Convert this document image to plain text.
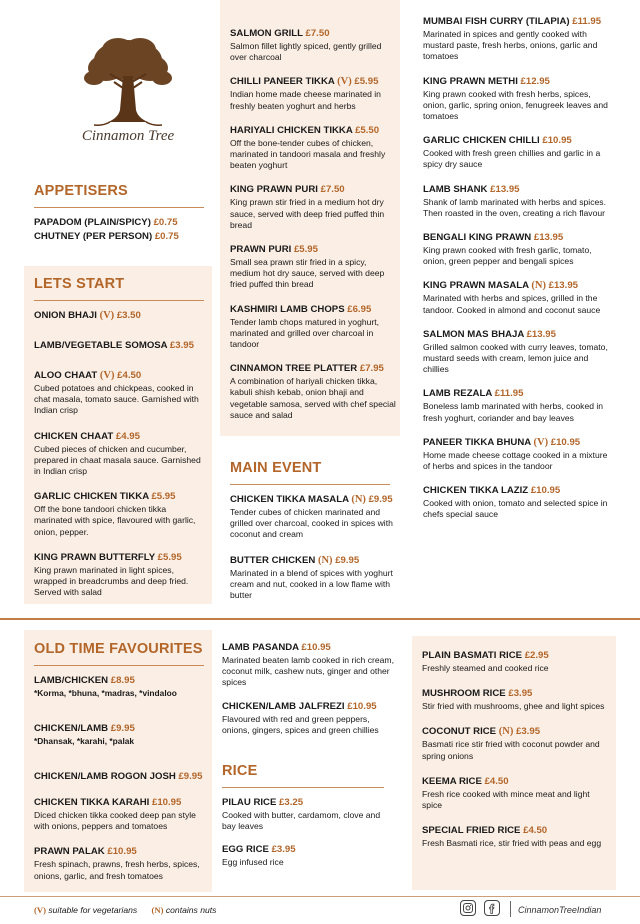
Cinnamon Tree
APPETISERS
PAPADOM (PLAIN/SPICY) £0.75
CHUTNEY (PER PERSON) £0.75
LETS START
ONION BHAJI (V) £3.50
LAMB/VEGETABLE SOMOSA £3.95
ALOO CHAAT (V) £4.50
Cubed potatoes and chickpeas, cooked in chat masala, tomato sauce. Garnished with Indian crisp
CHICKEN CHAAT £4.95
Cubed pieces of chicken and cucumber, prepared in chaat masala sauce. Garnished in Indian crisp
GARLIC CHICKEN TIKKA £5.95
Off the bone tandoori chicken tikka marinated with spice, flavoured with garlic, onion, pepper.
KING PRAWN BUTTERFLY £5.95
King prawn marinated in light spices, wrapped in breadcrumbs and deep fried. Served with salad
SALMON GRILL £7.50
Salmon fillet lightly spiced, gently grilled over charcoal
CHILLI PANEER TIKKA (V) £5.95
Indian home made cheese marinated in freshly beaten yoghurt and herbs
HARIYALI CHICKEN TIKKA £5.50
Off the bone-tender cubes of chicken, marinated in tandoori masala and freshly beaten yoghurt
KING PRAWN PURI £7.50
King prawn stir fried in a medium hot dry sauce, served with deep fried puffed thin bread
PRAWN PURI £5.95
Small sea prawn stir fried in a spicy, medium hot dry sauce, served with deep fried puffed thin bread
KASHMIRI LAMB CHOPS £6.95
Tender lamb chops matured in yoghurt, marinated and grilled over charcoal in tandoor
CINNAMON TREE PLATTER £7.95
A combination of hariyali chicken tikka, kabuli shish kebab, onion bhaji and vegetable samosa, served with chef special sauce and salad
MAIN EVENT
CHICKEN TIKKA MASALA (N) £9.95
Tender cubes of chicken marinated and grilled over charcoal, cooked in spices with coconut and cream
BUTTER CHICKEN (N) £9.95
Marinated in a blend of spices with yoghurt cream and nut, cooked in a low flame with butter
MUMBAI FISH CURRY (TILAPIA) £11.95
Marinated in spices and gently cooked with mustard paste, fresh herbs, onions, garlic and tomatoes
KING PRAWN METHI £12.95
King prawn cooked with fresh herbs, spices, onion, garlic, spring onion, fenugreek leaves and tomatoes
GARLIC CHICKEN CHILLI £10.95
Cooked with fresh green chillies and garlic in a spicy dry sauce
LAMB SHANK £13.95
Shank of lamb marinated with herbs and spices. Then roasted in the oven, creating a rich flavour
BENGALI KING PRAWN £13.95
King prawn cooked with fresh garlic, tomato, onion, green pepper and bengali spices
KING PRAWN MASALA (N) £13.95
Marinated with herbs and spices, grilled in the tandoor. Cooked in almond and coconut sauce
SALMON MAS BHAJA £13.95
Grilled salmon cooked with curry leaves, tomato, mustard seeds with cream, lemon juice and chillies
LAMB REZALA £11.95
Boneless lamb marinated with herbs, cooked in fresh yoghurt, coriander and bay leaves
PANEER TIKKA BHUNA (V) £10.95
Home made cheese cottage cooked in a mixture of herbs and spices in the tandoor
CHICKEN TIKKA LAZIZ £10.95
Cooked with onion, tomato and selected spice in chefs special sauce
OLD TIME FAVOURITES
LAMB/CHICKEN £8.95
*Korma, *bhuna, *madras, *vindaloo
CHICKEN/LAMB £9.95
*Dhansak, *karahi, *palak
CHICKEN/LAMB ROGON JOSH £9.95
CHICKEN TIKKA KARAHI £10.95
Diced chicken tikka cooked deep pan style with onions, peppers and tomatoes
PRAWN PALAK £10.95
Fresh spinach, prawns, fresh herbs, spices, onions, garlic, and fresh tomatoes
LAMB PASANDA £10.95
Marinated beaten lamb cooked in rich cream, coconut milk, cashew nuts, ginger and other spices
CHICKEN/LAMB JALFREZI £10.95
Flavoured with red and green peppers, onions, gingers, spices and green chillies
RICE
PILAU RICE £3.25
Cooked with butter, cardamom, clove and bay leaves
EGG RICE £3.95
Egg infused rice
PLAIN BASMATI RICE £2.95
Freshly steamed and cooked rice
MUSHROOM RICE £3.95
Stir fried with mushrooms, ghee and light spices
COCONUT RICE (N) £3.95
Basmati rice stir fried with coconut powder and spring onions
KEEMA RICE £4.50
Fresh rice cooked with mince meat and light spice
SPECIAL FRIED RICE £4.50
Fresh Basmati rice, stir fried with peas and egg
(V) suitable for vegetarians (N) contains nuts	CinnamonTreeIndian
